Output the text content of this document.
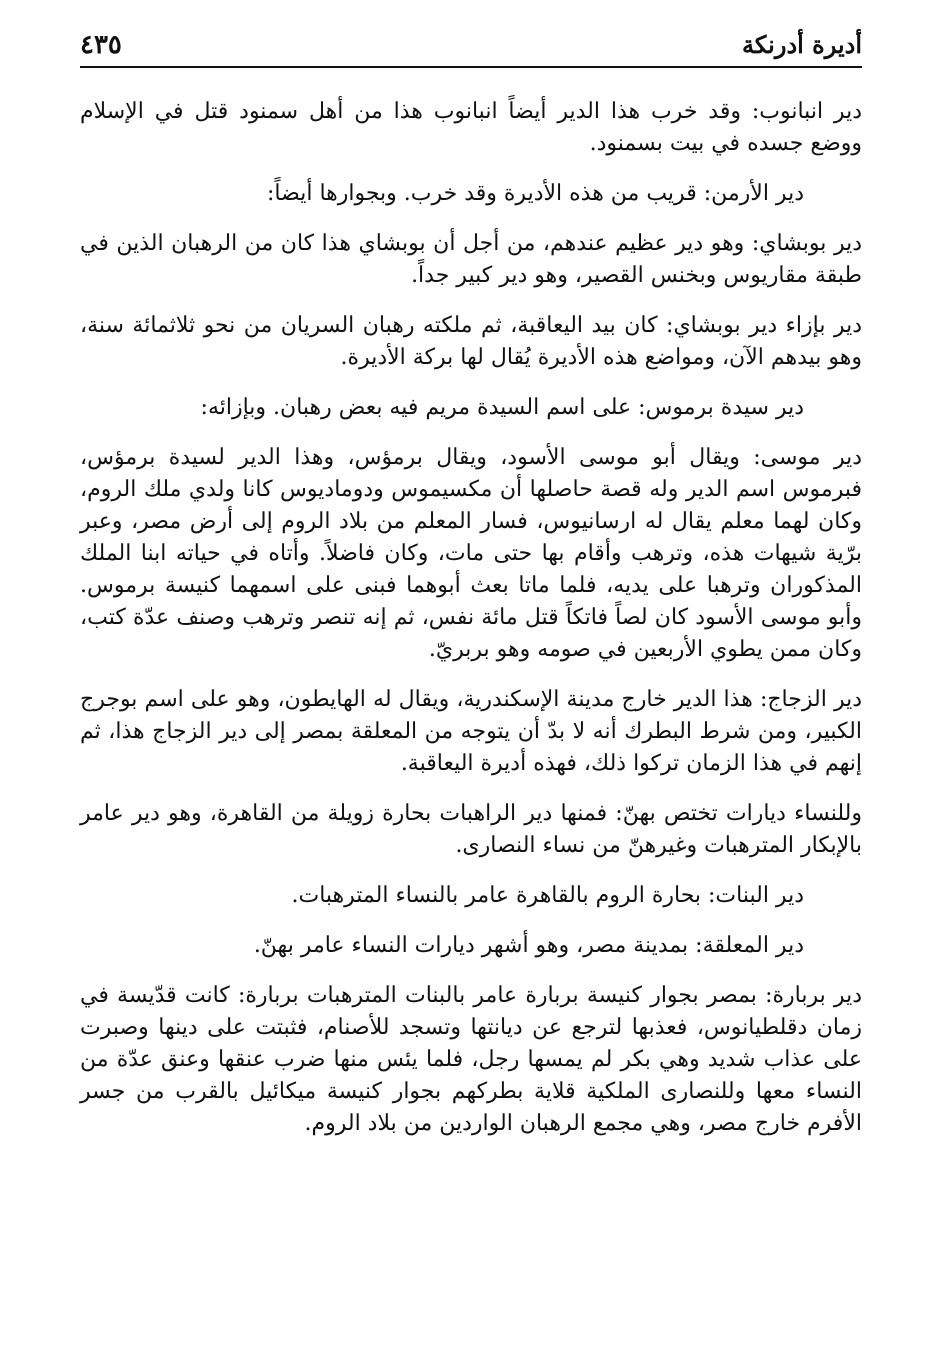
أديرة أدرنكة
٤٣٥

دير انبانوب: وقد خرب هذا الدير أيضاً انبانوب هذا من أهل سمنود قتل في الإسلام ووضع جسده في بيت بسمنود.

دير الأرمن: قريب من هذه الأديرة وقد خرب. وبجوارها أيضاً:

دير بوبشاي: وهو دير عظيم عندهم، من أجل أن بوبشاي هذا كان من الرهبان الذين في طبقة مقاريوس وبخنس القصير، وهو دير كبير جداً.

دير بإزاء دير بوبشاي: كان بيد اليعاقبة، ثم ملكته رهبان السريان من نحو ثلاثمائة سنة، وهو بيدهم الآن، ومواضع هذه الأديرة يُقال لها بركة الأديرة.

دير سيدة برموس: على اسم السيدة مريم فيه بعض رهبان. وبإزائه:

دير موسى: ويقال أبو موسى الأسود، ويقال برمؤس، وهذا الدير لسيدة برمؤس، فبرموس اسم الدير وله قصة حاصلها أن مكسيموس ودوماديوس كانا ولدي ملك الروم، وكان لهما معلم يقال له ارسانيوس، فسار المعلم من بلاد الروم إلى أرض مصر، وعبر برّية شيهات هذه، وترهب وأقام بها حتى مات، وكان فاضلاً. وأتاه في حياته ابنا الملك المذكوران وترهبا على يديه، فلما ماتا بعث أبوهما فبنى على اسمهما كنيسة برموس. وأبو موسى الأسود كان لصاً فاتكاً قتل مائة نفس، ثم إنه تنصر وترهب وصنف عدّة كتب، وكان ممن يطوي الأربعين في صومه وهو بربريّ.

دير الزجاج: هذا الدير خارج مدينة الإسكندرية، ويقال له الهايطون، وهو على اسم بوجرج الكبير، ومن شرط البطرك أنه لا بدّ أن يتوجه من المعلقة بمصر إلى دير الزجاج هذا، ثم إنهم في هذا الزمان تركوا ذلك، فهذه أديرة اليعاقبة.

وللنساء ديارات تختص بهنّ: فمنها دير الراهبات بحارة زويلة من القاهرة، وهو دير عامر بالإبكار المترهبات وغيرهنّ من نساء النصارى.

دير البنات: بحارة الروم بالقاهرة عامر بالنساء المترهبات.

دير المعلقة: بمدينة مصر، وهو أشهر ديارات النساء عامر بهنّ.

دير بربارة: بمصر بجوار كنيسة بربارة عامر بالبنات المترهبات بربارة: كانت قدّيسة في زمان دقلطيانوس، فعذبها لترجع عن ديانتها وتسجد للأصنام، فثبتت على دينها وصبرت على عذاب شديد وهي بكر لم يمسها رجل، فلما يئس منها ضرب عنقها وعنق عدّة من النساء معها وللنصارى الملكية قلاية بطركهم بجوار كنيسة ميكائيل بالقرب من جسر الأفرم خارج مصر، وهي مجمع الرهبان الواردين من بلاد الروم.
